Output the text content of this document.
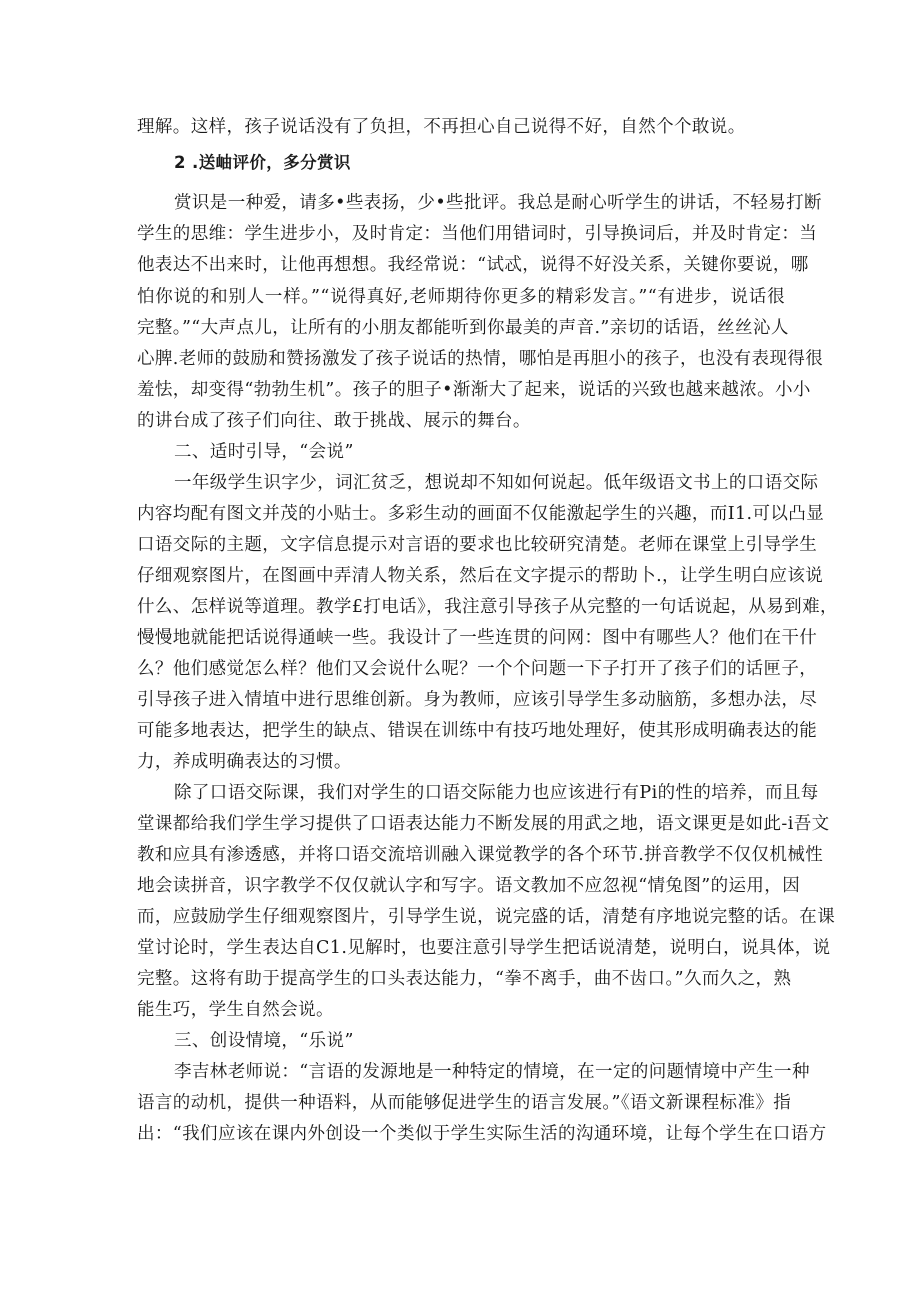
理解。这样，孩子说话没有了负担，不再担心自己说得不好，自然个个敢说。
2 .送岫评价，多分赏识
赏识是一种爱，请多•些表扬，少•些批评。我总是耐心听学生的讲话，不轻易打断
学生的思维：学生进步小，及时肯定：当他们用错词时，引导换词后，并及时肯定：当
他表达不出来时，让他再想想。我经常说：“试忒，说得不好没关系，关键你要说，哪
怕你说的和别人一样。”“说得真好,老师期待你更多的精彩发言。”“有进步，说话很
完整。”“大声点儿，让所有的小朋友都能听到你最美的声音.”亲切的话语，丝丝沁人
心脾.老师的鼓励和赞扬激发了孩子说话的热情，哪怕是再胆小的孩子，也没有表现得很
羞怯，却变得“勃勃生机”。孩子的胆子•渐渐大了起来，说话的兴致也越来越浓。小小
的讲台成了孩子们向往、敢于挑战、展示的舞台。
二、适时引导，“会说”
一年级学生识字少，词汇贫乏，想说却不知如何说起。低年级语文书上的口语交际
内容均配有图文并茂的小贴士。多彩生动的画面不仅能激起学生的兴趣，而I1.可以凸显
口语交际的主题，文字信息提示对言语的要求也比较研究清楚。老师在课堂上引导学生
仔细观察图片，在图画中弄清人物关系，然后在文字提示的帮助卜.，让学生明白应该说
什么、怎样说等道理。教学£打电话》，我注意引导孩子从完整的一句话说起，从易到难，
慢慢地就能把话说得通峡一些。我设计了一些连贯的问网：图中有哪些人？他们在干什
么？他们感觉怎么样？他们又会说什么呢？一个个问题一下子打开了孩子们的话匣子，
引导孩子进入情埴中进行思维创新。身为教师，应该引导学生多动脑筋，多想办法，尽
可能多地表达，把学生的缺点、错误在训练中有技巧地处理好，使其形成明确表达的能
力，养成明确表达的习惯。
除了口语交际课，我们对学生的口语交际能力也应该进行有Pi的性的培养，而且每
堂课都给我们学生学习提供了口语表达能力不断发展的用武之地，语文课更是如此-i吾文
教和应具有渗透感，并将口语交流培训融入课觉教学的各个环节.拼音教学不仅仅机械性
地会读拼音，识字教学不仅仅就认字和写字。语文教加不应忽视“情兔图”的运用，因
而，应鼓励学生仔细观察图片，引导学生说，说完盛的话，清楚有序地说完整的话。在课
堂讨论时，学生表达自C1.见解时，也要注意引导学生把话说清楚，说明白，说具体，说
完整。这将有助于提高学生的口头表达能力，“拳不离手，曲不齿口。”久而久之，熟
能生巧，学生自然会说。
三、创设情境，“乐说”
李吉林老师说：“言语的发源地是一种特定的情境，在一定的问题情境中产生一种
语言的动机，提供一种语料，从而能够促进学生的语言发展。”《语文新课程标准》指
出：“我们应该在课内外创设一个类似于学生实际生活的沟通环境，让每个学生在口语方
